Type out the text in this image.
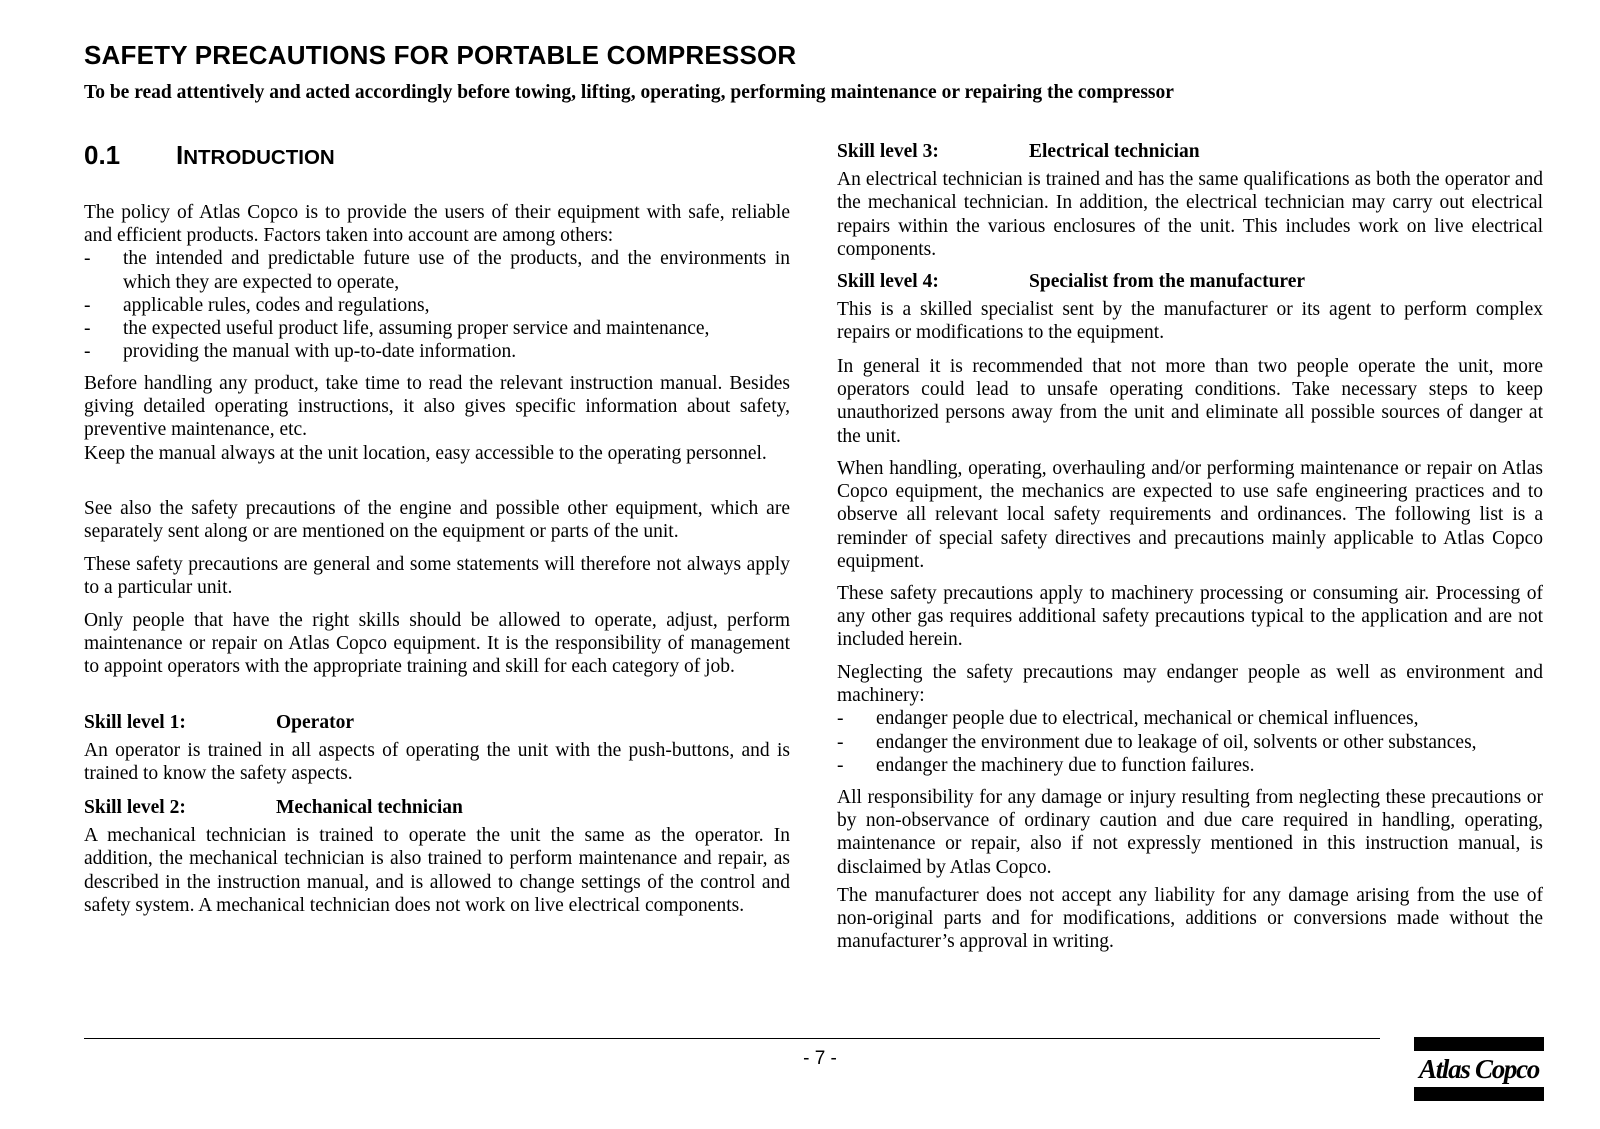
SAFETY PRECAUTIONS FOR PORTABLE COMPRESSOR

To be read attentively and acted accordingly before towing, lifting, operating, performing maintenance or repairing the compressor

0.1 INTRODUCTION

The policy of Atlas Copco is to provide the users of their equipment with safe, reliable and efficient products. Factors taken into account are among others:

- the intended and predictable future use of the products, and the environments in which they are expected to operate,
- applicable rules, codes and regulations,
- the expected useful product life, assuming proper service and maintenance,
- providing the manual with up-to-date information.

Before handling any product, take time to read the relevant instruction manual. Besides giving detailed operating instructions, it also gives specific information about safety, preventive maintenance, etc.

Keep the manual always at the unit location, easy accessible to the operating personnel.

See also the safety precautions of the engine and possible other equipment, which are separately sent along or are mentioned on the equipment or parts of the unit.

These safety precautions are general and some statements will therefore not always apply to a particular unit.

Only people that have the right skills should be allowed to operate, adjust, perform maintenance or repair on Atlas Copco equipment. It is the responsibility of management to appoint operators with the appropriate training and skill for each category of job.

Skill level 1:	Operator

An operator is trained in all aspects of operating the unit with the push-buttons, and is trained to know the safety aspects.

Skill level 2:	Mechanical technician

A mechanical technician is trained to operate the unit the same as the operator. In addition, the mechanical technician is also trained to perform maintenance and repair, as described in the instruction manual, and is allowed to change settings of the control and safety system. A mechanical technician does not work on live electrical components.

Skill level 3:	Electrical technician

An electrical technician is trained and has the same qualifications as both the operator and the mechanical technician. In addition, the electrical technician may carry out electrical repairs within the various enclosures of the unit. This includes work on live electrical components.

Skill level 4:	Specialist from the manufacturer

This is a skilled specialist sent by the manufacturer or its agent to perform complex repairs or modifications to the equipment.

In general it is recommended that not more than two people operate the unit, more operators could lead to unsafe operating conditions. Take necessary steps to keep unauthorized persons away from the unit and eliminate all possible sources of danger at the unit.

When handling, operating, overhauling and/or performing maintenance or repair on Atlas Copco equipment, the mechanics are expected to use safe engineering practices and to observe all relevant local safety requirements and ordinances. The following list is a reminder of special safety directives and precautions mainly applicable to Atlas Copco equipment.

These safety precautions apply to machinery processing or consuming air. Processing of any other gas requires additional safety precautions typical to the application and are not included herein.

Neglecting the safety precautions may endanger people as well as environment and machinery:

- endanger people due to electrical, mechanical or chemical influences,
- endanger the environment due to leakage of oil, solvents or other substances,
- endanger the machinery due to function failures.

All responsibility for any damage or injury resulting from neglecting these precautions or by non-observance of ordinary caution and due care required in handling, operating, maintenance or repair, also if not expressly mentioned in this instruction manual, is disclaimed by Atlas Copco.

The manufacturer does not accept any liability for any damage arising from the use of non-original parts and for modifications, additions or conversions made without the manufacturer’s approval in writing.

- 7 -	Atlas Copco
